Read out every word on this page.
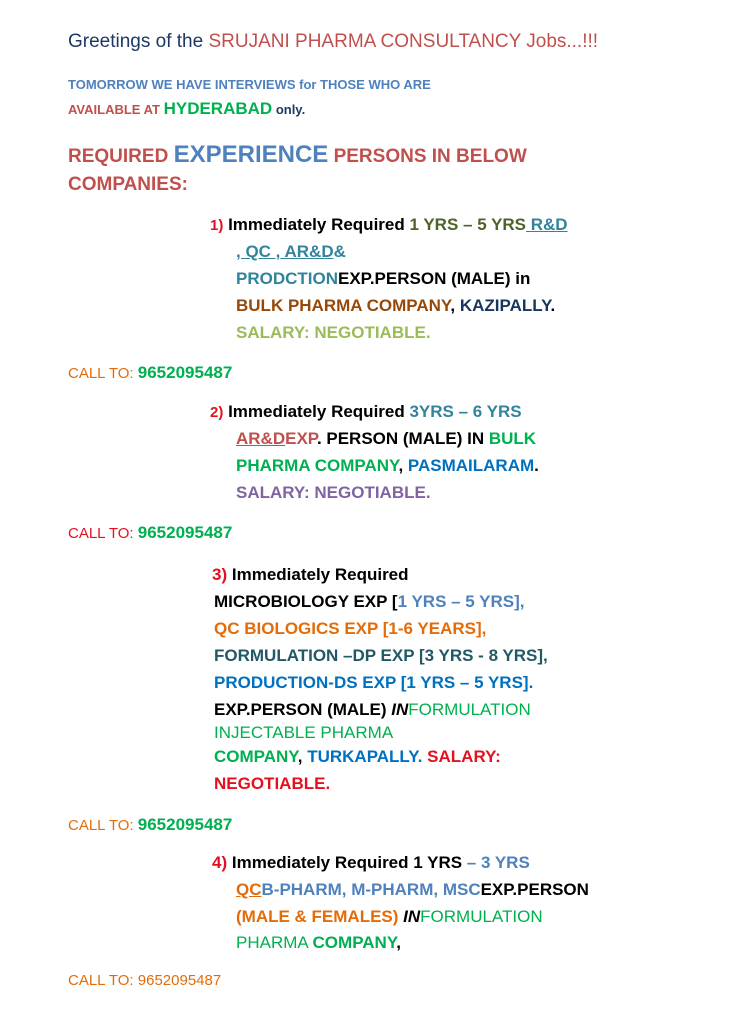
Greetings of the SRUJANI PHARMA CONSULTANCY Jobs...!!!
TOMORROW WE HAVE INTERVIEWS for THOSE WHO ARE
AVAILABLE AT HYDERABAD only.
REQUIRED EXPERIENCE PERSONS IN BELOW
COMPANIES:
1) Immediately Required 1 YRS – 5 YRS R&D
, QC , AR&D&
PRODCTIONEXP.PERSON (MALE) in
BULK PHARMA COMPANY, KAZIPALLY.
SALARY: NEGOTIABLE.
CALL TO: 9652095487
2) Immediately Required 3YRS – 6 YRS
AR&DEXP. PERSON (MALE) IN BULK
PHARMA COMPANY, PASMAILARAM.
SALARY: NEGOTIABLE.
CALL TO: 9652095487
3) Immediately Required
MICROBIOLOGY EXP [1 YRS – 5 YRS],
QC BIOLOGICS EXP [1-6 YEARS],
FORMULATION –DP EXP [3 YRS - 8 YRS],
PRODUCTION-DS EXP [1 YRS – 5 YRS].
EXP.PERSON (MALE) INFORMULATION
INJECTABLE PHARMA
COMPANY, TURKAPALLY. SALARY:
NEGOTIABLE.
CALL TO: 9652095487
4) Immediately Required 1 YRS – 3 YRS
QCB-PHARM, M-PHARM, MSCEXP.PERSON
(MALE & FEMALES) INFORMULATION
PHARMA COMPANY,
CALL TO: 9652095487
